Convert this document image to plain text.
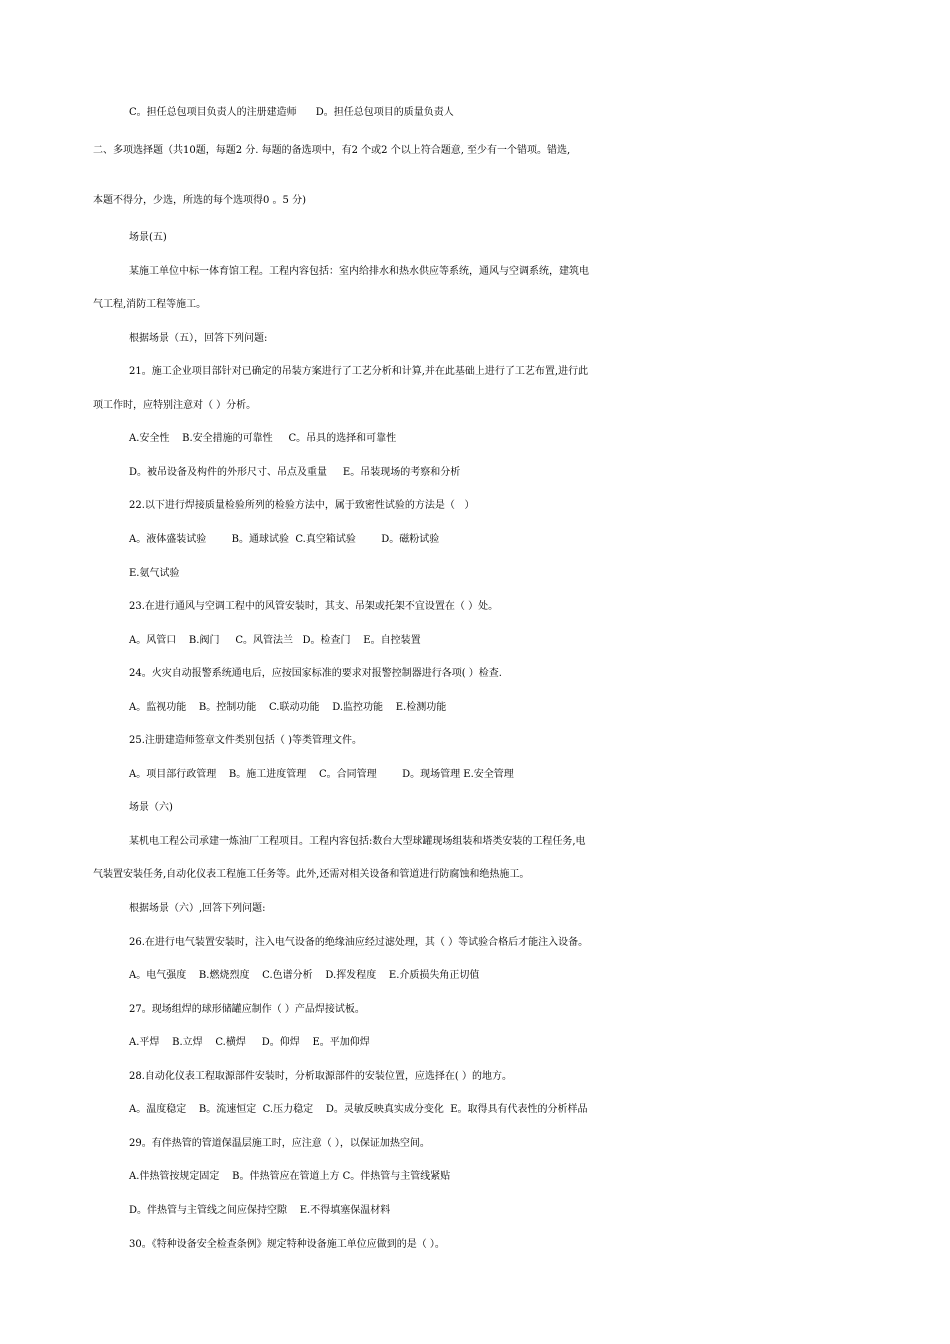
C。担任总包项目负责人的注册建造师      D。担任总包项目的质量负责人
二、多项选择题（共10题，每题2 分. 每题的备选项中，有2 个或2 个以上符合题意, 至少有一个错项。错选,
本题不得分，少选，所选的每个选项得0 。5 分)
场景(五)
某施工单位中标一体育馆工程。工程内容包括：室内给排水和热水供应等系统，通风与空调系统，建筑电
气工程,消防工程等施工。
根据场景（五），回答下列问题:
21。施工企业项目部针对已确定的吊装方案进行了工艺分析和计算,并在此基础上进行了工艺布置,进行此
项工作时，应特别注意对（ ）分析。
A.安全性    B.安全措施的可靠性     C。吊具的选择和可靠性
D。被吊设备及构件的外形尺寸、吊点及重量     E。吊装现场的考察和分析
22.以下进行焊接质量检验所列的检验方法中，属于致密性试验的方法是（   ）
A。液体盛装试验        B。通球试验  C.真空箱试验        D。磁粉试验
E.氨气试验
23.在进行通风与空调工程中的风管安装时，其支、吊架或托架不宜设置在（ ）处。
A。风管口    B.阀门     C。风管法兰   D。检查门    E。自控装置
24。火灾自动报警系统通电后，应按国家标准的要求对报警控制器进行各项( ）检查.
A。监视功能    B。控制功能    C.联动功能    D.监控功能    E.检测功能
25.注册建造师签章文件类别包括（ )等类管理文件。
A。项目部行政管理    B。施工进度管理    C。合同管理        D。现场管理 E.安全管理
场景（六)
某机电工程公司承建一炼油厂工程项目。工程内容包括:数台大型球罐现场组装和塔类安装的工程任务,电
气装置安装任务,自动化仪表工程施工任务等。此外,还需对相关设备和管道进行防腐蚀和绝热施工。
根据场景（六）,回答下列问题:
26.在进行电气装置安装时，注入电气设备的绝缘油应经过滤处理，其（ ）等试验合格后才能注入设备。
A。电气强度    B.燃烧烈度    C.色谱分析    D.挥发程度    E.介质损失角正切值
27。现场组焊的球形储罐应制作（ ）产品焊接试板。
A.平焊    B.立焊    C.横焊     D。仰焊    E。平加仰焊
28.自动化仪表工程取源部件安装时，分析取源部件的安装位置，应选择在( ）的地方。
A。温度稳定    B。流速恒定  C.压力稳定    D。灵敏反映真实成分变化  E。取得具有代表性的分析样品
29。有伴热管的管道保温层施工时，应注意（ ），以保证加热空间。
A.伴热管按规定固定    B。伴热管应在管道上方 C。伴热管与主管线紧贴
D。伴热管与主管线之间应保持空隙    E.不得填塞保温材料
30。《特种设备安全检查条例》规定特种设备施工单位应做到的是（ ）。
